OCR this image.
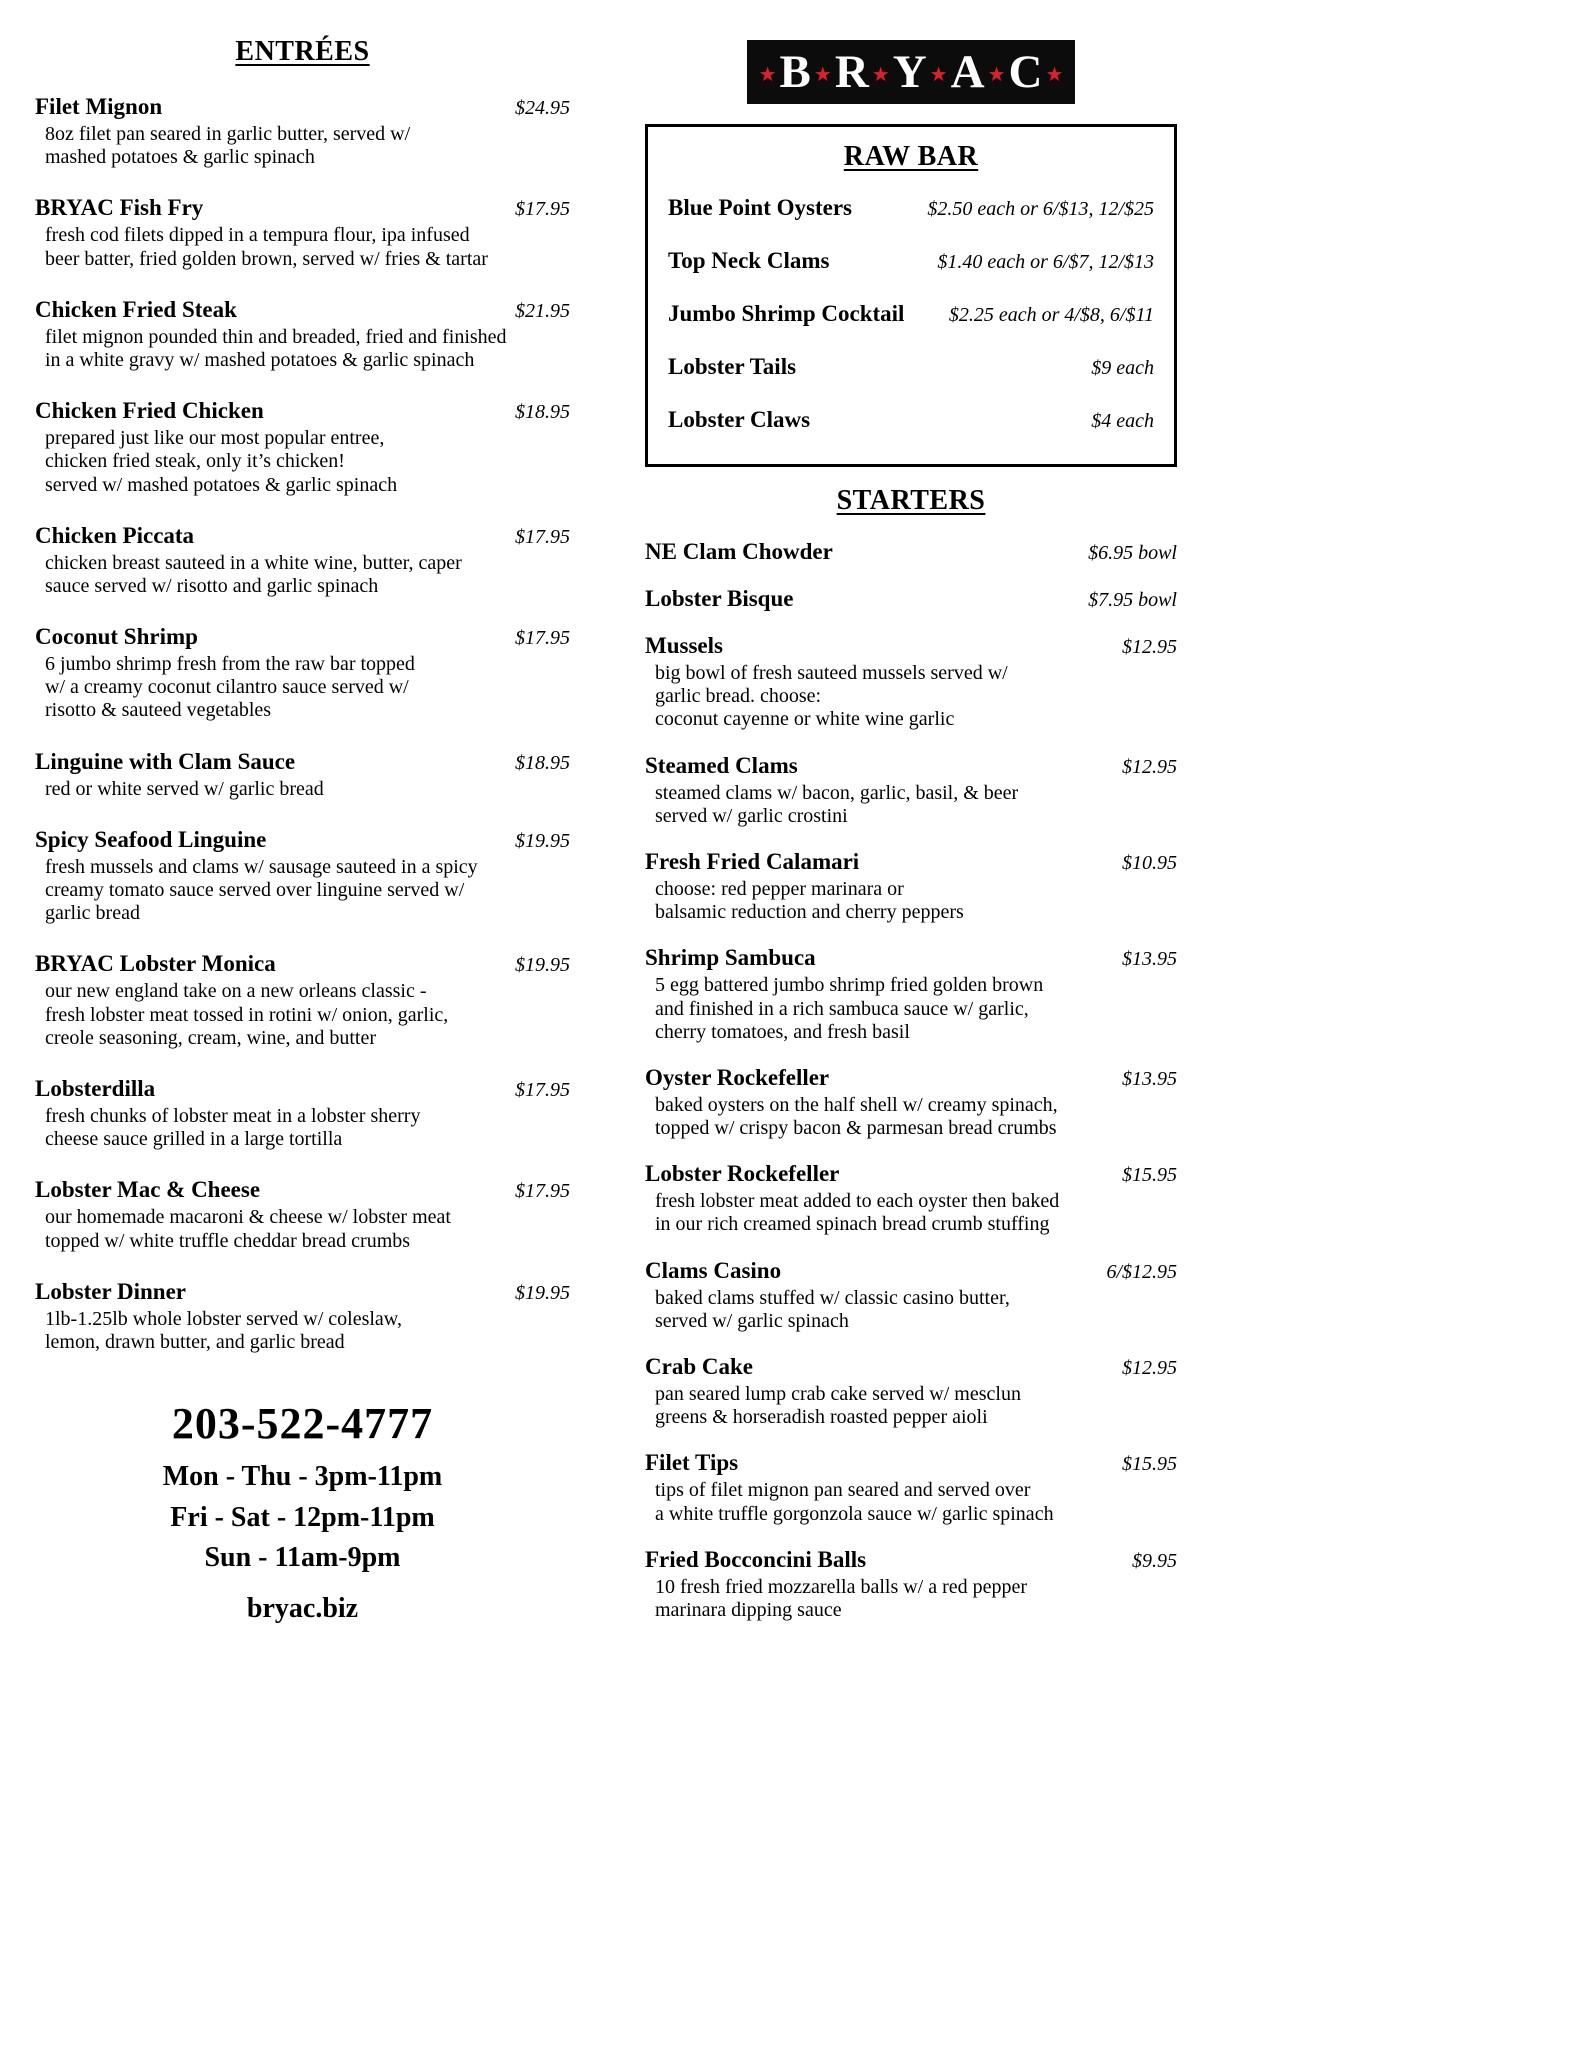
ENTRÉES
Filet Mignon	$24.95
8oz filet pan seared in garlic butter, served w/
mashed potatoes & garlic spinach
BRYAC Fish Fry	$17.95
fresh cod filets dipped in a tempura flour, ipa infused
beer batter, fried golden brown, served w/ fries & tartar
Chicken Fried Steak	$21.95
filet mignon pounded thin and breaded, fried and finished
in a white gravy w/ mashed potatoes & garlic spinach
Chicken Fried Chicken	$18.95
prepared just like our most popular entree,
chicken fried steak, only it’s chicken!
served w/ mashed potatoes & garlic spinach
Chicken Piccata	$17.95
chicken breast sauteed in a white wine, butter, caper
sauce served w/ risotto and garlic spinach
Coconut Shrimp	$17.95
6 jumbo shrimp fresh from the raw bar topped
w/ a creamy coconut cilantro sauce served w/
risotto & sauteed vegetables
Linguine with Clam Sauce	$18.95
red or white served w/ garlic bread
Spicy Seafood Linguine	$19.95
fresh mussels and clams w/ sausage sauteed in a spicy
creamy tomato sauce served over linguine served w/
garlic bread
BRYAC Lobster Monica	$19.95
our new england take on a new orleans classic -
fresh lobster meat tossed in rotini w/ onion, garlic,
creole seasoning, cream, wine, and butter
Lobsterdilla	$17.95
fresh chunks of lobster meat in a lobster sherry
cheese sauce grilled in a large tortilla
Lobster Mac & Cheese	$17.95
our homemade macaroni & cheese w/ lobster meat
topped w/ white truffle cheddar bread crumbs
Lobster Dinner	$19.95
1lb-1.25lb whole lobster served w/ coleslaw,
lemon, drawn butter, and garlic bread
203-522-4777
Mon - Thu - 3pm-11pm
Fri - Sat - 12pm-11pm
Sun - 11am-9pm
bryac.biz
★ B ★ R ★ Y ★ A ★ C ★
RAW BAR
Blue Point Oysters	$2.50 each or 6/$13, 12/$25
Top Neck Clams	$1.40 each or 6/$7, 12/$13
Jumbo Shrimp Cocktail	$2.25 each or 4/$8, 6/$11
Lobster Tails	$9 each
Lobster Claws	$4 each
STARTERS
NE Clam Chowder	$6.95 bowl
Lobster Bisque	$7.95 bowl
Mussels	$12.95
big bowl of fresh sauteed mussels served w/
garlic bread. choose:
coconut cayenne or white wine garlic
Steamed Clams	$12.95
steamed clams w/ bacon, garlic, basil, & beer
served w/ garlic crostini
Fresh Fried Calamari	$10.95
choose: red pepper marinara or
balsamic reduction and cherry peppers
Shrimp Sambuca	$13.95
5 egg battered jumbo shrimp fried golden brown
and finished in a rich sambuca sauce w/ garlic,
cherry tomatoes, and fresh basil
Oyster Rockefeller	$13.95
baked oysters on the half shell w/ creamy spinach,
topped w/ crispy bacon & parmesan bread crumbs
Lobster Rockefeller	$15.95
fresh lobster meat added to each oyster then baked
in our rich creamed spinach bread crumb stuffing
Clams Casino	6/$12.95
baked clams stuffed w/ classic casino butter,
served w/ garlic spinach
Crab Cake	$12.95
pan seared lump crab cake served w/ mesclun
greens & horseradish roasted pepper aioli
Filet Tips	$15.95
tips of filet mignon pan seared and served over
a white truffle gorgonzola sauce w/ garlic spinach
Fried Bocconcini Balls	$9.95
10 fresh fried mozzarella balls w/ a red pepper
marinara dipping sauce
